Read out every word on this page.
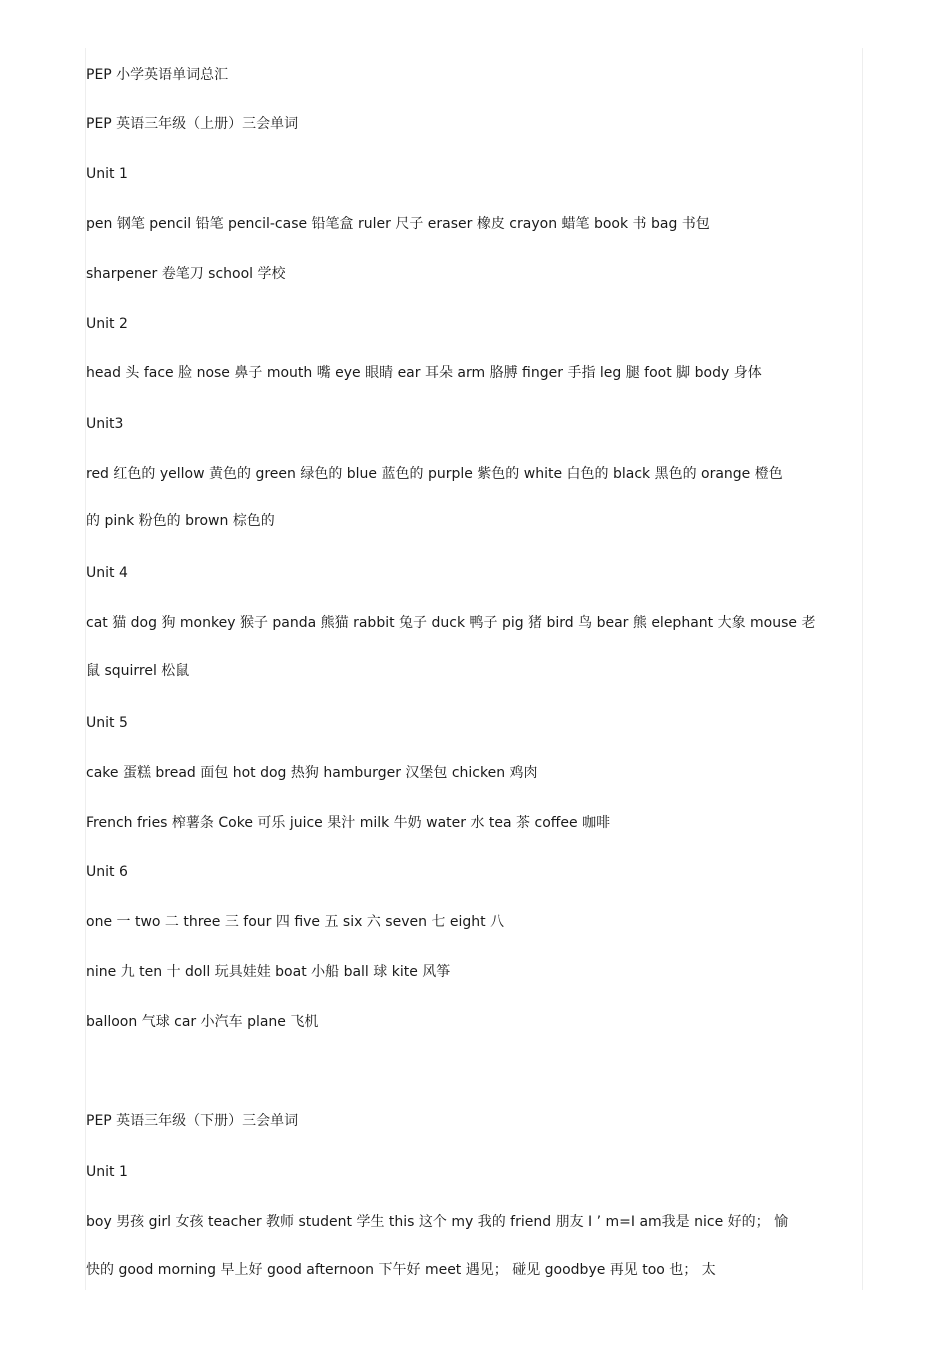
PEP 小学英语单词总汇
PEP 英语三年级（上册）三会单词
Unit 1
pen 钢笔 pencil 铅笔 pencil-case 铅笔盒 ruler 尺子 eraser 橡皮 crayon 蜡笔 book 书 bag 书包
sharpener 卷笔刀 school 学校
Unit 2
head 头 face 脸 nose 鼻子 mouth 嘴 eye 眼睛 ear 耳朵 arm 胳膊 finger 手指 leg 腿 foot 脚 body 身体
Unit3
red 红色的 yellow 黄色的 green 绿色的 blue 蓝色的 purple 紫色的 white 白色的 black 黑色的 orange 橙色
的 pink 粉色的 brown 棕色的
Unit 4
cat 猫 dog 狗 monkey 猴子 panda 熊猫 rabbit 兔子 duck 鸭子 pig 猪 bird 鸟 bear 熊 elephant 大象 mouse 老
鼠 squirrel 松鼠
Unit 5
cake 蛋糕 bread 面包 hot dog 热狗 hamburger 汉堡包 chicken 鸡肉
French fries 榨薯条 Coke 可乐 juice 果汁 milk 牛奶 water 水 tea 茶 coffee 咖啡
Unit 6
one 一 two 二 three 三 four 四 five 五 six 六 seven 七 eight 八
nine 九 ten 十 doll 玩具娃娃 boat 小船 ball 球 kite 风筝
balloon 气球 car 小汽车 plane 飞机
PEP 英语三年级（下册）三会单词
Unit 1
boy 男孩 girl 女孩 teacher 教师 student 学生 this 这个 my 我的 friend 朋友 I ’ m=I am我是 nice 好的； 愉
快的 good morning 早上好 good afternoon 下午好 meet 遇见； 碰见 goodbye 再见 too 也； 太
